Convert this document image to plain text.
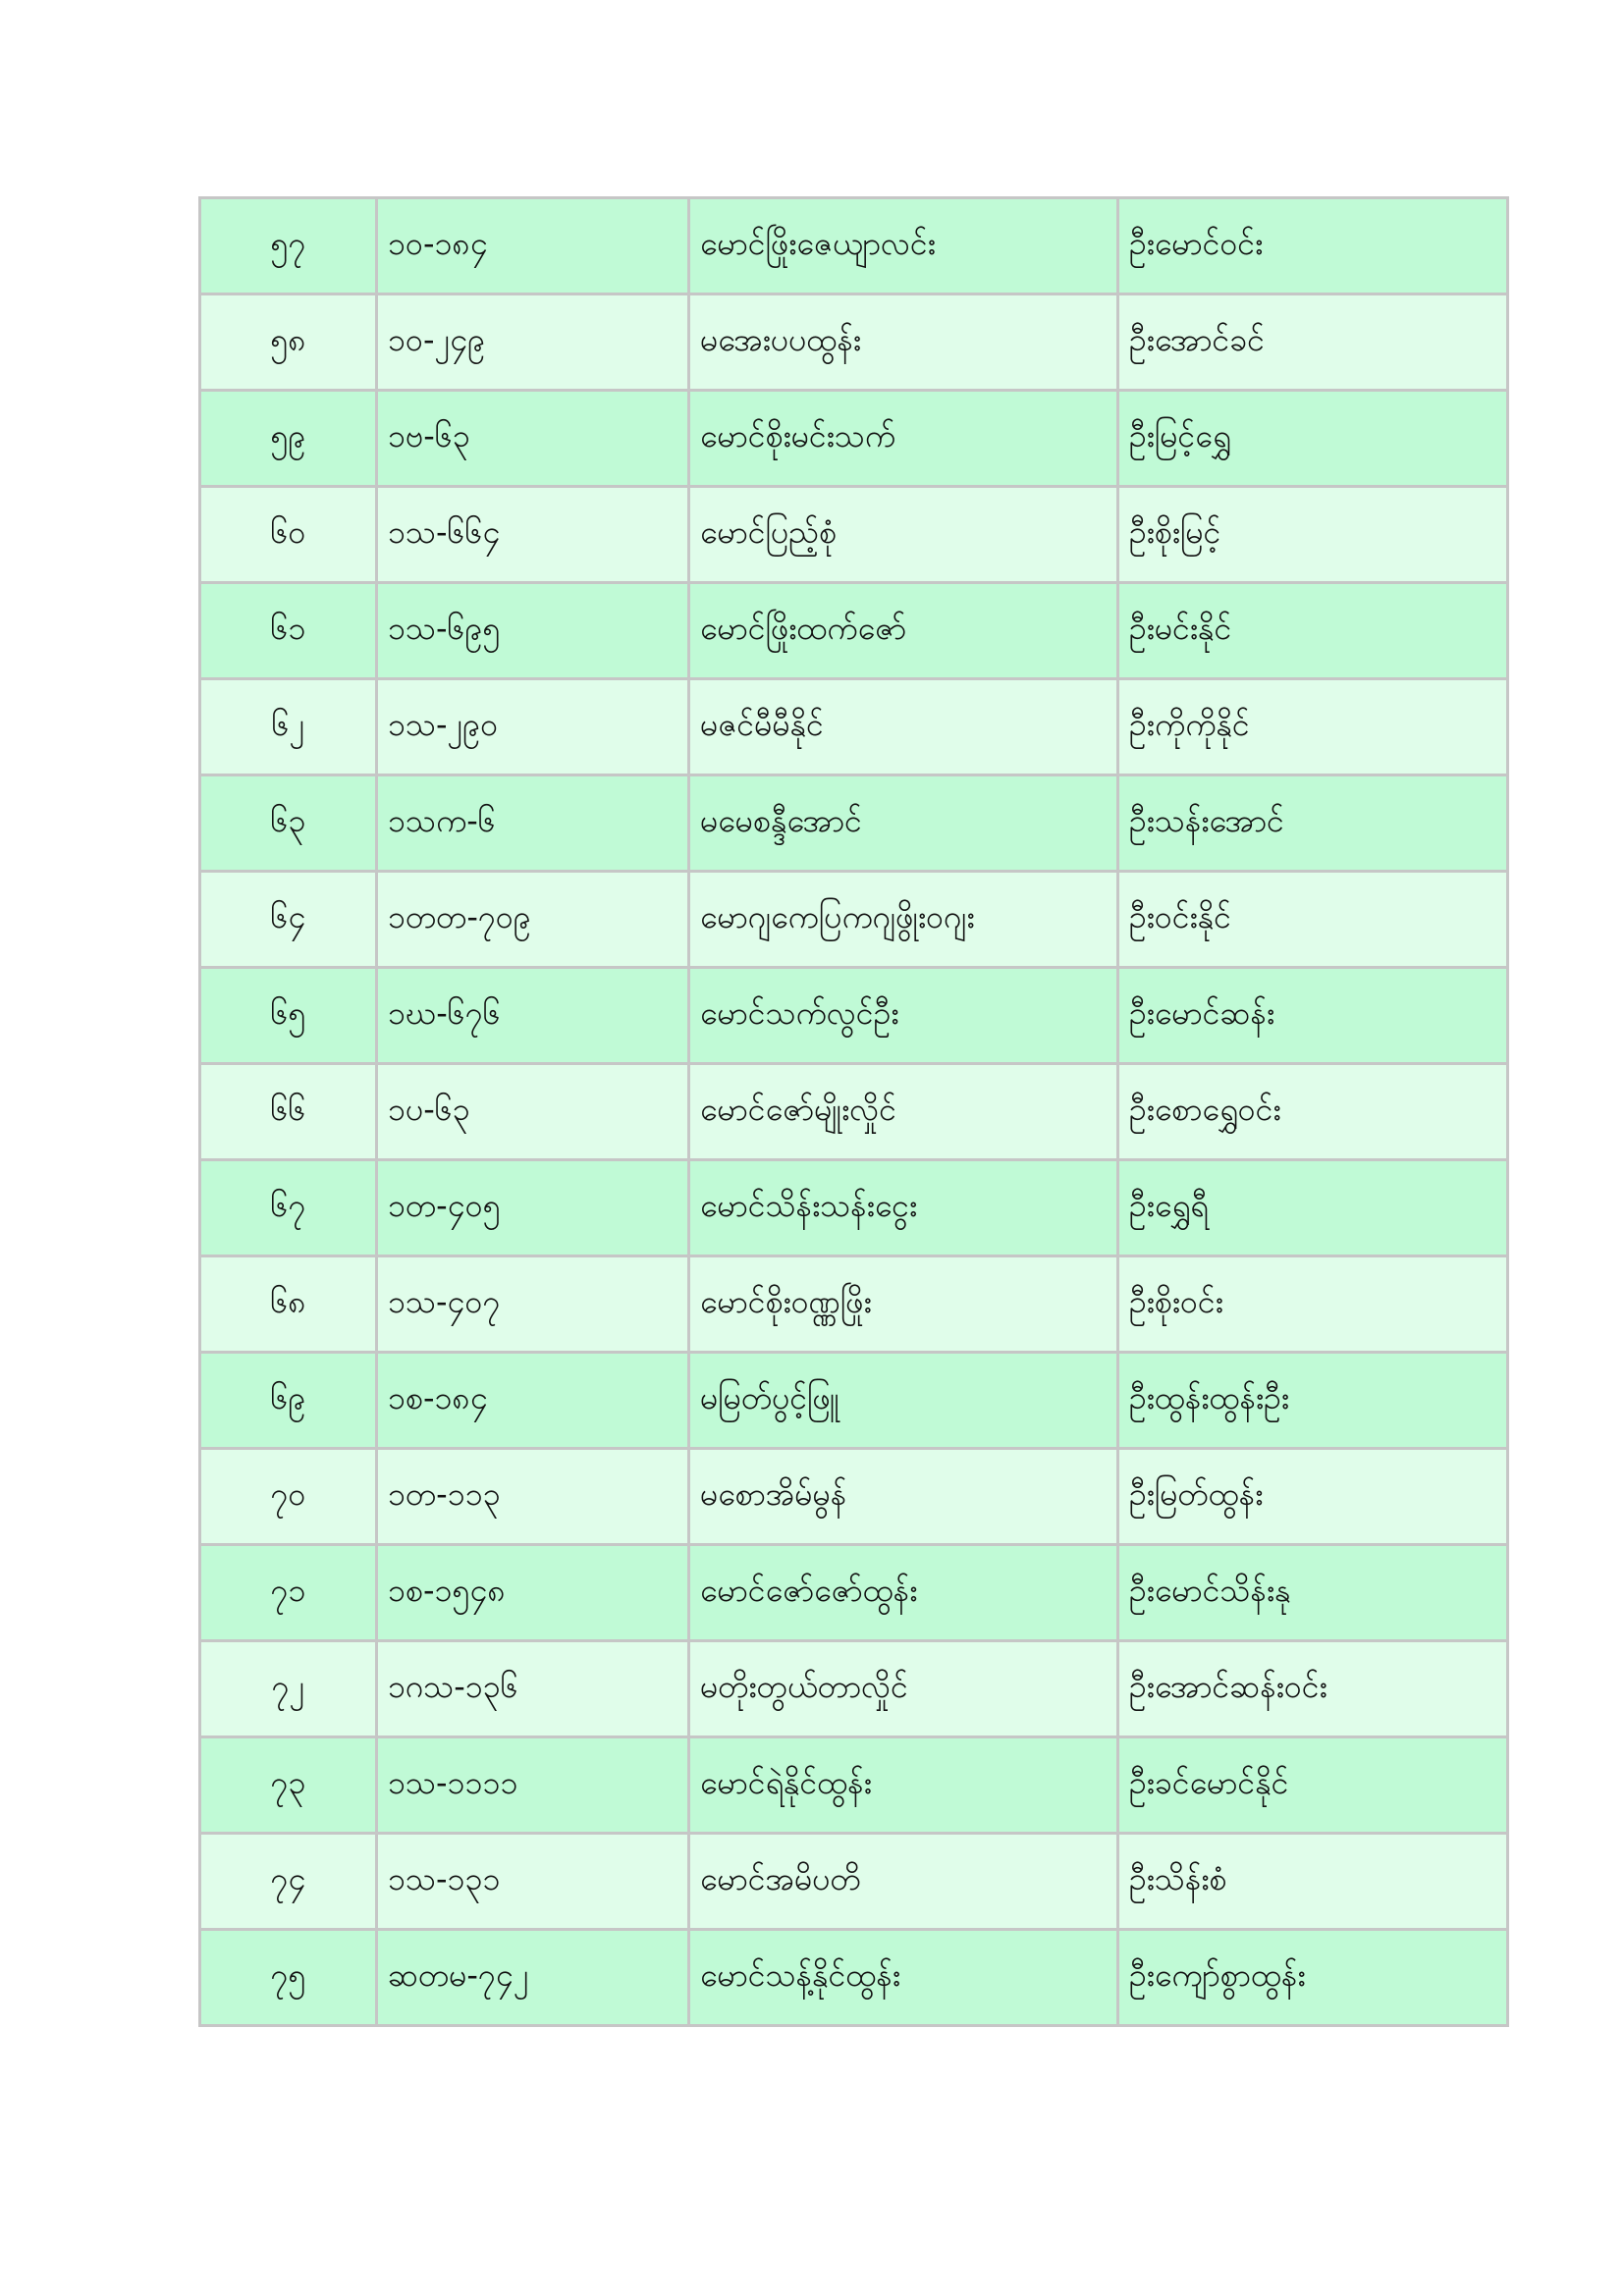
၅၇	၁၀-၁၈၄	မောင်ဖြိုးဇေယျာလင်း	ဦးမောင်ဝင်း
၅၈	၁၀-၂၄၉	မအေးပပထွန်း	ဦးအောင်ခင်
၅၉	၁ဗ-၆၃	မောင်စိုးမင်းသက်	ဦးမြင့်ရွှေ
၆၀	၁သ-၆၆၄	မောင်ပြည့်စုံ	ဦးစိုးမြင့်
၆၁	၁သ-၆၉၅	မောင်ဖြိုးထက်ဇော်	ဦးမင်းနိုင်
၆၂	၁သ-၂၉၀	မဇင်မီမီနိုင်	ဦးကိုကိုနိုင်
၆၃	၁သက-၆	မမေစန္ဒီအောင်	ဦးသန်းအောင်
၆၄	၁တတ-၇၀၉	မောဂျကေပြကဂျဖွိုးဝဂျး	ဦးဝင်းနိုင်
၆၅	၁ဃ-၆၇၆	မောင်သက်လွင်ဦး	ဦးမောင်ဆန်း
၆၆	၁ပ-၆၃	မောင်ဇော်မျိုးလှိုင်	ဦးစောရွှေဝင်း
၆၇	၁တ-၄၀၅	မောင်သိန်းသန်းငွေး	ဦးရွှေရီ
၆၈	၁သ-၄၀၇	မောင်စိုးဝဏ္ဏဖြိုး	ဦးစိုးဝင်း
၆၉	၁စ-၁၈၄	မမြတ်ပွင့်ဖြူ	ဦးထွန်းထွန်းဦး
၇၀	၁တ-၁၁၃	မစောအိမ်မွန်	ဦးမြတ်ထွန်း
၇၁	၁စ-၁၅၄၈	မောင်ဇော်ဇော်ထွန်း	ဦးမောင်သိန်းနု
၇၂	၁ဂသ-၁၃၆	မတိုးတွယ်တာလှိုင်	ဦးအောင်ဆန်းဝင်း
၇၃	၁သ-၁၁၁၁	မောင်ရဲနိုင်ထွန်း	ဦးခင်မောင်နိုင်
၇၄	၁သ-၁၃၁	မောင်အမိပတိ	ဦးသိန်းစံ
၇၅	ဆတမ-၇၄၂	မောင်သန့်နိုင်ထွန်း	ဦးကျော်စွာထွန်း
